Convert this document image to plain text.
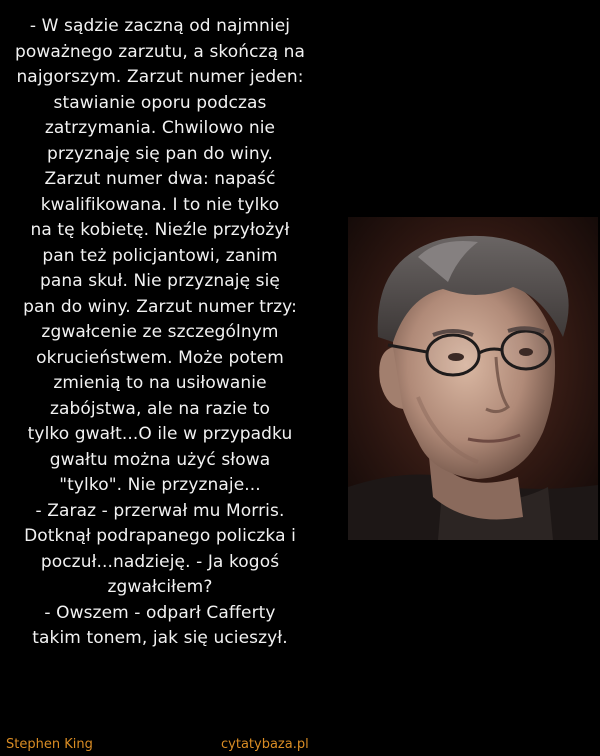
- W sądzie zaczną od najmniej
poważnego zarzutu, a skończą na
najgorszym. Zarzut numer jeden:
stawianie oporu podczas
zatrzymania. Chwilowo nie
przyznaję się pan do winy.
Zarzut numer dwa: napaść
kwalifikowana. I to nie tylko
na tę kobietę. Nieźle przyłożył
pan też policjantowi, zanim
pana skuł. Nie przyznaję się
pan do winy. Zarzut numer trzy:
zgwałcenie ze szczególnym
okrucieństwem. Może potem
zmienią to na usiłowanie
zabójstwa, ale na razie to
tylko gwałt...O ile w przypadku
gwałtu można użyć słowa
"tylko". Nie przyznaje...
- Zaraz - przerwał mu Morris.
Dotknął podrapanego policzka i
poczuł...nadzieję. - Ja kogoś
zgwałciłem?
- Owszem - odparł Cafferty
takim tonem, jak się ucieszył.
Stephen King	cytatybaza.pl
